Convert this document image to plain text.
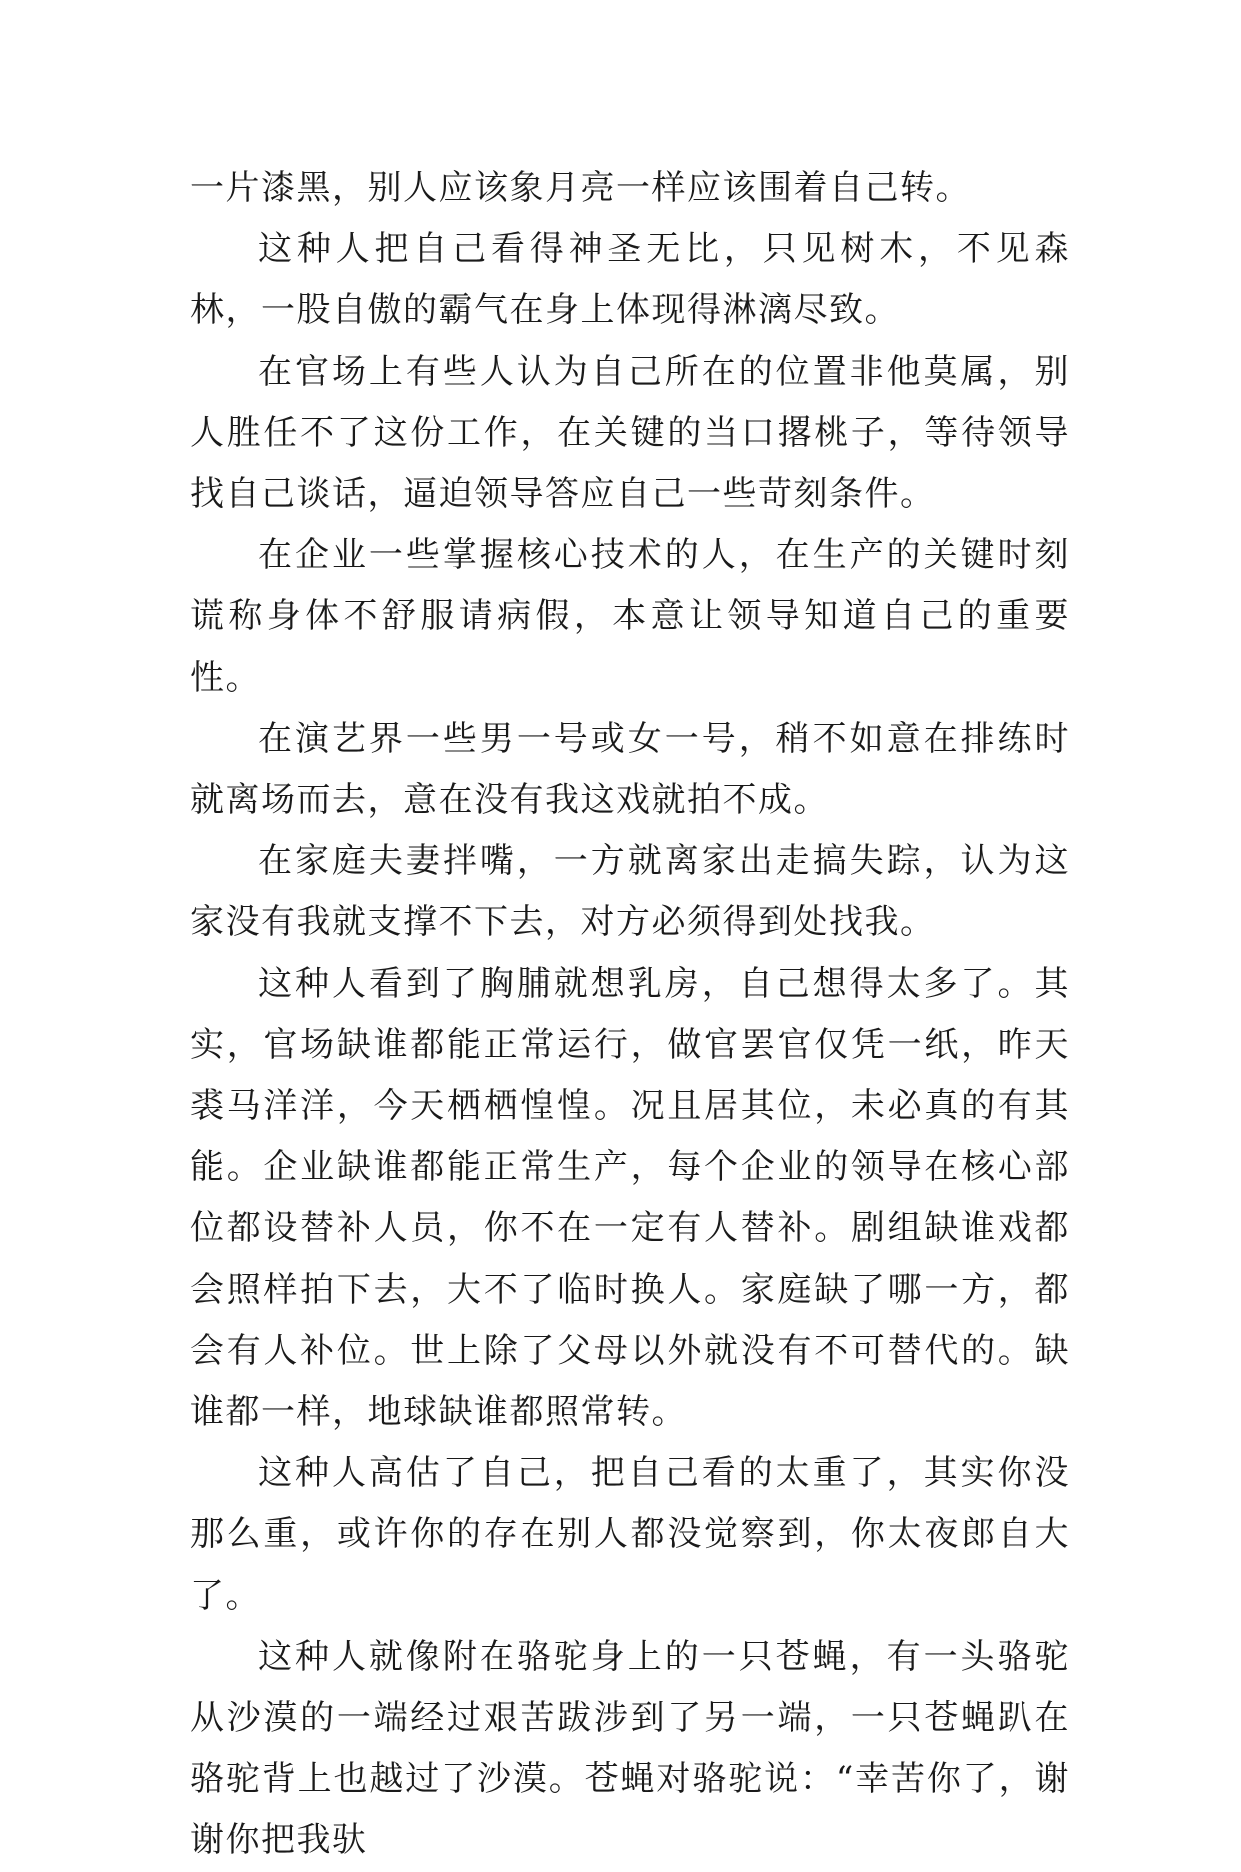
一片漆黑，别人应该象月亮一样应该围着自己转。

这种人把自己看得神圣无比，只见树木，不见森林，一股自傲的霸气在身上体现得淋漓尽致。

在官场上有些人认为自己所在的位置非他莫属，别人胜任不了这份工作，在关键的当口撂桃子，等待领导找自己谈话，逼迫领导答应自己一些苛刻条件。

在企业一些掌握核心技术的人，在生产的关键时刻谎称身体不舒服请病假，本意让领导知道自己的重要性。

在演艺界一些男一号或女一号，稍不如意在排练时就离场而去，意在没有我这戏就拍不成。

在家庭夫妻拌嘴，一方就离家出走搞失踪，认为这家没有我就支撑不下去，对方必须得到处找我。

这种人看到了胸脯就想乳房，自己想得太多了。其实，官场缺谁都能正常运行，做官罢官仅凭一纸，昨天裘马洋洋，今天栖栖惶惶。况且居其位，未必真的有其能。企业缺谁都能正常生产，每个企业的领导在核心部位都设替补人员，你不在一定有人替补。剧组缺谁戏都会照样拍下去，大不了临时换人。家庭缺了哪一方，都会有人补位。世上除了父母以外就没有不可替代的。缺谁都一样，地球缺谁都照常转。

这种人高估了自己，把自己看的太重了，其实你没那么重，或许你的存在别人都没觉察到，你太夜郎自大了。

这种人就像附在骆驼身上的一只苍蝇，有一头骆驼从沙漠的一端经过艰苦跋涉到了另一端，一只苍蝇趴在骆驼背上也越过了沙漠。苍蝇对骆驼说：“幸苦你了，谢谢你把我驮
